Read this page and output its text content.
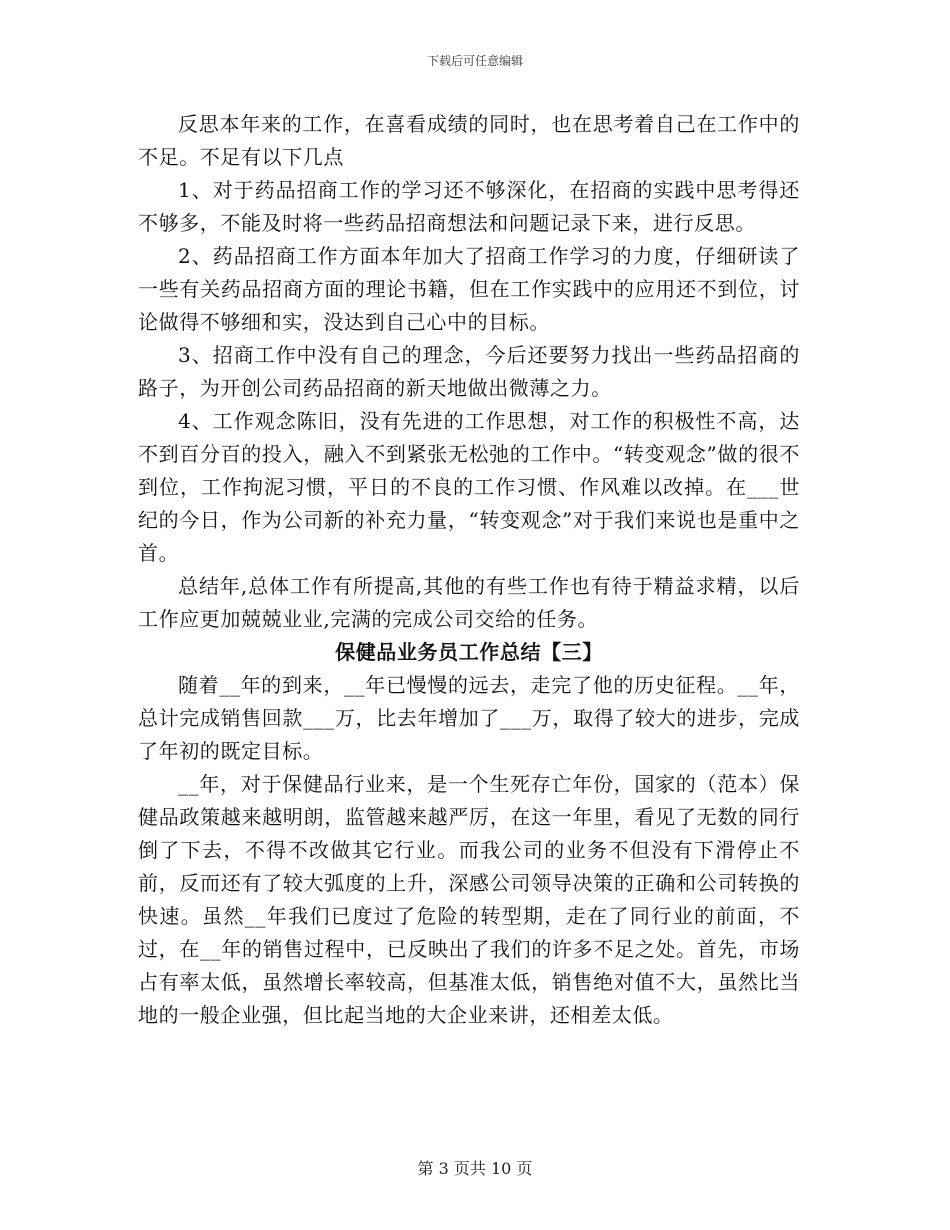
下载后可任意编辑

反思本年来的工作，在喜看成绩的同时，也在思考着自己在工作中的不足。不足有以下几点

1、对于药品招商工作的学习还不够深化，在招商的实践中思考得还不够多，不能及时将一些药品招商想法和问题记录下来，进行反思。

2、药品招商工作方面本年加大了招商工作学习的力度，仔细研读了一些有关药品招商方面的理论书籍，但在工作实践中的应用还不到位，讨论做得不够细和实，没达到自己心中的目标。

3、招商工作中没有自己的理念，今后还要努力找出一些药品招商的路子，为开创公司药品招商的新天地做出微薄之力。

4、工作观念陈旧，没有先进的工作思想，对工作的积极性不高，达不到百分百的投入，融入不到紧张无松弛的工作中。“转变观念”做的很不到位，工作拘泥习惯，平日的不良的工作习惯、作风难以改掉。在___世纪的今日，作为公司新的补充力量，“转变观念”对于我们来说也是重中之首。

总结年,总体工作有所提高,其他的有些工作也有待于精益求精，以后工作应更加兢兢业业,完满的完成公司交给的任务。

保健品业务员工作总结【三】

随着__年的到来，__年已慢慢的远去，走完了他的历史征程。__年，总计完成销售回款___万，比去年增加了___万，取得了较大的进步，完成了年初的既定目标。

__年，对于保健品行业来，是一个生死存亡年份，国家的（范本）保健品政策越来越明朗，监管越来越严厉，在这一年里，看见了无数的同行倒了下去，不得不改做其它行业。而我公司的业务不但没有下滑停止不前，反而还有了较大弧度的上升，深感公司领导决策的正确和公司转换的快速。虽然__年我们已度过了危险的转型期，走在了同行业的前面，不过，在__年的销售过程中，已反映出了我们的许多不足之处。首先，市场占有率太低，虽然增长率较高，但基准太低，销售绝对值不大，虽然比当地的一般企业强，但比起当地的大企业来讲，还相差太低。

第 3 页共 10 页
